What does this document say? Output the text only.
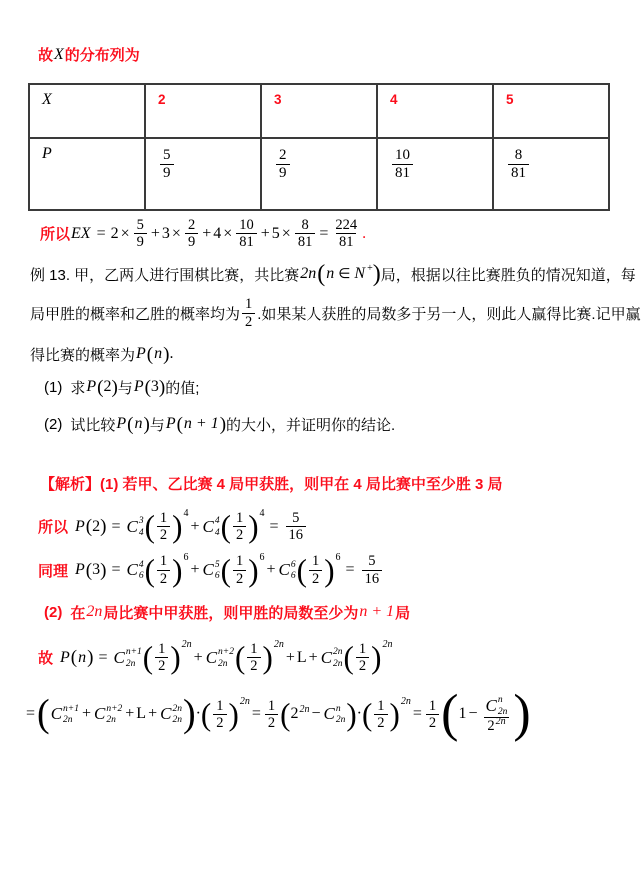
故 X 的分布列为
X	2	3	4	5
P	$\frac{5}{9}$	$\frac{2}{9}$	$\frac{10}{81}$	$\frac{8}{81}$
所以 EX = $2 \times \frac{5}{9} + 3 \times \frac{2}{9} + 4 \times \frac{10}{81} + 5 \times \frac{8}{81} = \frac{224}{81}$ .
例 13. 甲，乙两人进行围棋比赛，共比赛 2n ( n ∈ N + ) 局，根据以往比赛胜负的情况知道，每
局甲胜的概率和乙胜的概率均为 $\frac{1}{2}$ .如果某人获胜的局数多于另一人，则此人赢得比赛.记甲赢
得比赛的概率为 P ( n ) .
(1) 求 P ( 2 ) 与 P ( 3 ) 的值;
(2) 试比较 P ( n ) 与 P ( n + 1 ) 的大小，并证明你的结论.
【解析】(1) 若甲、乙比赛 4 局甲获胜，则甲在 4 局比赛中至少胜 3 局
所以 P ( 2 ) = C 3
4 ( $\frac{1}{2}$ ) 4
+ C 4
4 ( $\frac{1}{2}$ ) 4
= $\frac{5}{16}$
同理 P ( 3 ) = C 4
6 ( $\frac{1}{2}$ ) 6
+ C 5
6 ( $\frac{1}{2}$ ) 6
+ C 6
6 ( $\frac{1}{2}$ ) 6
= $\frac{5}{16}$
(2) 在 2n 局比赛中甲获胜，则甲胜的局数至少为 n + 1 局
故 P ( n ) = C n+1
2n ( $\frac{1}{2}$ ) 2n
+ C n+2
2n ( $\frac{1}{2}$ ) 2n
+ L + C 2n
2n ( $\frac{1}{2}$ ) 2n
= ( C n+1
2n + C n+2
2n + L + C 2n
2n ) · ( $\frac{1}{2}$ ) 2n
= $\frac{1}{2}$ ( $2^{2n} - C$ n
2n ) · ( $\frac{1}{2}$ ) 2n
= $\frac{1}{2}$ ( 1 − C n
2n
$2^{2n}$ )
